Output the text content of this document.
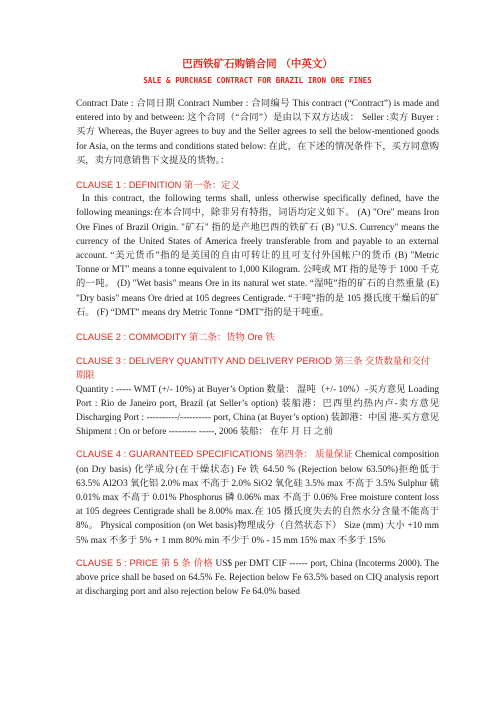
巴西铁矿石购销合同 （中英文）
SALE & PURCHASE CONTRACT FOR BRAZIL IRON ORE FINES

Contract Date : 合同日期 Contract Number : 合同编号 This contract (“Contract”) is made and entered into by and between: 这个合同（“合同”）是由以下双方达成： Seller :卖方 Buyer : 买方 Whereas, the Buyer agrees to buy and the Seller agrees to sell the below-mentioned goods for Asia, on the terms and conditions stated below: 在此，在下述的情况条件下，买方同意购买，卖方同意销售下文提及的货物。：

CLAUSE 1 : DEFINITION 第一条：定义

In this contract, the following terms shall, unless otherwise specifically defined, have the following meanings:在本合同中，除非另有特指，词语均定义如下。 (A) "Ore" means Iron Ore Fines of Brazil Origin. "矿石" 指的是产地巴西的铁矿石 (B) "U.S. Currency" means the currency of the United States of America freely transferable from and payable to an external account. “美元货币”指的是美国的自由可转让的且可支付外国帐户的货币 (B) "Metric Tonne or MT" means a tonne equivalent to 1,000 Kilogram. 公吨或 MT 指的是等于 1000 千克的一吨。 (D) "Wet basis" means Ore in its natural wet state. “湿吨”指的矿石的自然重量 (E) "Dry basis" means Ore dried at 105 degrees Centigrade. “干吨”指的是 105 摄氏度干燥后的矿石。 (F) “DMT” means dry Metric Tonne “DMT”指的是干吨重。

CLAUSE 2 : COMMODITY 第二条：货物 Ore 铁
CLAUSE 3 : DELIVERY QUANTITY AND DELIVERY PERIOD 第三条 交货数量和交付期限

Quantity : ----- WMT (+/- 10%) at Buyer’s Option 数量： 湿吨（+/- 10%）-买方意见 Loading Port : Rio de Janeiro port, Brazil (at Seller’s option) 装船港：巴西里约热内卢-卖方意见 Discharging Port : ----------/---------- port, China (at Buyer’s option) 装卸港：中国 港-买方意见 Shipment : On or before --------- -----, 2006 装船： 在年 月 日 之前

CLAUSE 4 : GUARANTEED SPECIFICATIONS 第四条： 质量保证 Chemical composition (on Dry basis) 化学成分(在干燥状态) Fe 铁 64.50 % (Rejection below 63.50%)拒绝低于 63.5% Al2O3 氧化铝 2.0% max 不高于 2.0% SiO2 氧化硅 3.5% max 不高于 3.5% Sulphur 硫 0.01% max 不高于 0.01% Phosphorus 磷 0.06% max 不高于 0.06% Free moisture content loss at 105 degrees Centigrade shall be 8.00% max.在 105 摄氏度失去的自然水分含量不能高于 8%。 Physical composition (on Wet basis)物理成分（自然状态下） Size (mm) 大小 +10 mm 5% max 不多于 5% + 1 mm 80% min 不少于 0% - 15 mm 15% max 不多于 15%

CLAUSE 5 : PRICE 第 5 条 价格 US$ per DMT CIF ------ port, China (Incoterms 2000). The above price shall be based on 64.5% Fe. Rejection below Fe 63.5% based on CIQ analysis report at discharging port and also rejection below Fe 64.0% based
